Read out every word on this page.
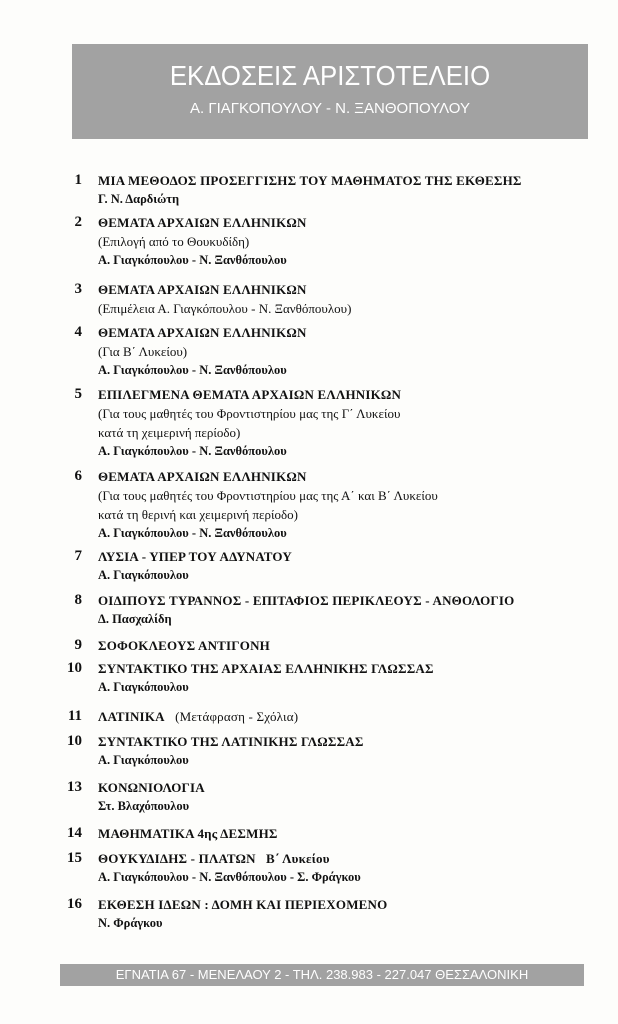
ΕΚΔΟΣΕΙΣ ΑΡΙΣΤΟΤΕΛΕΙΟ
Α. ΓΙΑΓΚΟΠΟΥΛΟΥ - Ν. ΞΑΝΘΟΠΟΥΛΟΥ
1 ΜΙΑ ΜΕΘΟΔΟΣ ΠΡΟΣΕΓΓΙΣΗΣ ΤΟΥ ΜΑΘΗΜΑΤΟΣ ΤΗΣ ΕΚΘΕΣΗΣ
Γ. Ν. Δαρδιώτη
2 ΘΕΜΑΤΑ ΑΡΧΑΙΩΝ ΕΛΛΗΝΙΚΩΝ
(Επιλογή από το Θουκυδίδη)
Α. Γιαγκόπουλου - Ν. Ξανθόπουλου
3 ΘΕΜΑΤΑ ΑΡΧΑΙΩΝ ΕΛΛΗΝΙΚΩΝ
(Επιμέλεια Α. Γιαγκόπουλου - Ν. Ξανθόπουλου)
4 ΘΕΜΑΤΑ ΑΡΧΑΙΩΝ ΕΛΛΗΝΙΚΩΝ
(Για Β΄ Λυκείου)
Α. Γιαγκόπουλου - Ν. Ξανθόπουλου
5 ΕΠΙΛΕΓΜΕΝΑ ΘΕΜΑΤΑ ΑΡΧΑΙΩΝ ΕΛΛΗΝΙΚΩΝ
(Για τους μαθητές του Φροντιστηρίου μας της Γ΄ Λυκείου
κατά τη χειμερινή περίοδο)
Α. Γιαγκόπουλου - Ν. Ξανθόπουλου
6 ΘΕΜΑΤΑ ΑΡΧΑΙΩΝ ΕΛΛΗΝΙΚΩΝ
(Για τους μαθητές του Φροντιστηρίου μας της Α΄ και Β΄ Λυκείου
κατά τη θερινή και χειμερινή περίοδο)
Α. Γιαγκόπουλου - Ν. Ξανθόπουλου
7 ΛΥΣΙΑ - ΥΠΕΡ ΤΟΥ ΑΔΥΝΑΤΟΥ
Α. Γιαγκόπουλου
8 ΟΙΔΙΠΟΥΣ ΤΥΡΑΝΝΟΣ - ΕΠΙΤΑΦΙΟΣ ΠΕΡΙΚΛΕΟΥΣ - ΑΝΘΟΛΟΓΙΟ
Δ. Πασχαλίδη
9 ΣΟΦΟΚΛΕΟΥΣ ΑΝΤΙΓΟΝΗ
10 ΣΥΝΤΑΚΤΙΚΟ ΤΗΣ ΑΡΧΑΙΑΣ ΕΛΛΗΝΙΚΗΣ ΓΛΩΣΣΑΣ
Α. Γιαγκόπουλου
11 ΛΑΤΙΝΙΚΑ (Μετάφραση - Σχόλια)
10 ΣΥΝΤΑΚΤΙΚΟ ΤΗΣ ΛΑΤΙΝΙΚΗΣ ΓΛΩΣΣΑΣ
Α. Γιαγκόπουλου
13 ΚΟΝΩΝΙΟΛΟΓΙΑ
Στ. Βλαχόπουλου
14 ΜΑΘΗΜΑΤΙΚΑ 4ης ΔΕΣΜΗΣ
15 ΘΟΥΚΥΔΙΔΗΣ - ΠΛΑΤΩΝ Β΄ Λυκείου
Α. Γιαγκόπουλου - Ν. Ξανθόπουλου - Σ. Φράγκου
16 ΕΚΘΕΣΗ ΙΔΕΩΝ : ΔΟΜΗ ΚΑΙ ΠΕΡΙΕΧΟΜΕΝΟ
Ν. Φράγκου
ΕΓΝΑΤΙΑ 67 - ΜΕΝΕΛΑΟΥ 2 - ΤΗΛ. 238.983 - 227.047 ΘΕΣΣΑΛΟΝΙΚΗ
